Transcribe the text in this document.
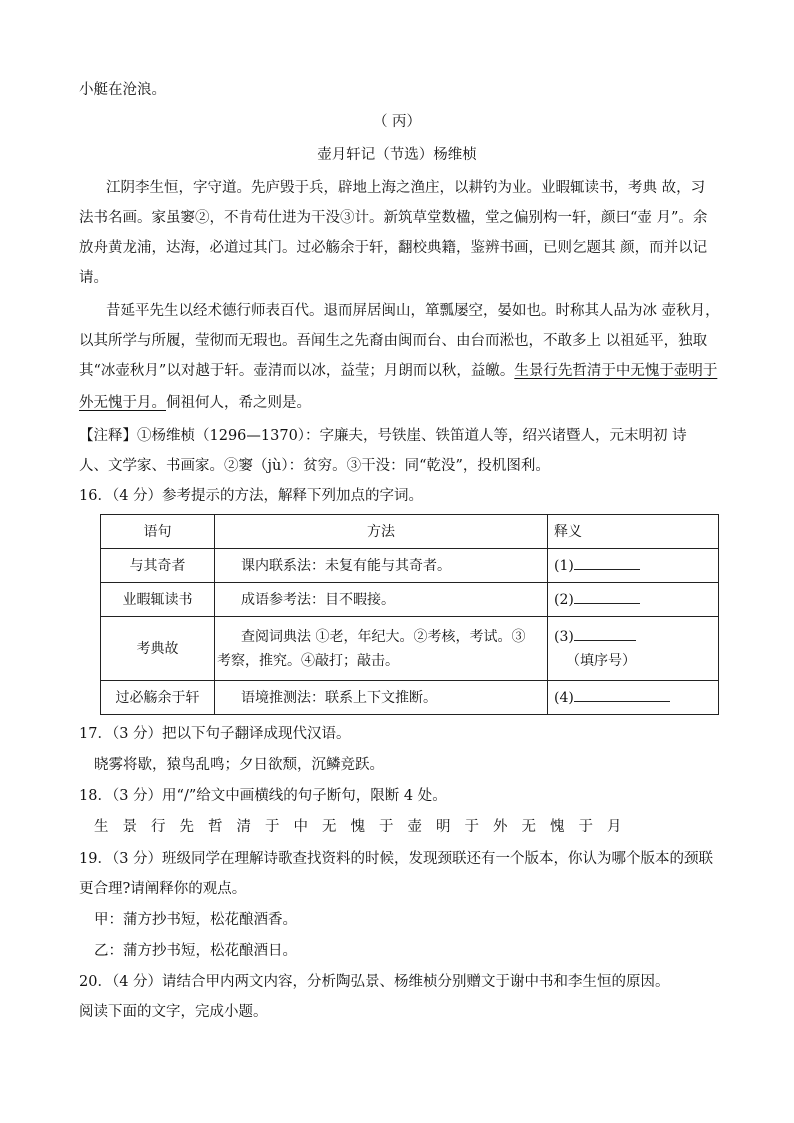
小艇在沧浪。
（ 丙）
壶月轩记（节选）杨维桢
江阴李生恒，字守道。先庐毁于兵，辟地上海之渔庄，以耕钓为业。业暇辄读书，考典 故，习
法书名画。家虽窭②，不肯苟仕进为干没③计。新筑草堂数楹，堂之偏别构一轩，颜曰“壶 月”。余
放舟黄龙浦，达海，必道过其门。过必觞余于轩，翻校典籍，鉴辨书画，已则乞题其 颜，而并以记
请。
昔延平先生以经术德行师表百代。退而屏居闽山，箪瓢屡空，晏如也。时称其人品为冰 壶秋月，
以其所学与所履，莹彻而无瑕也。吾闻生之先裔由闽而台、由台而淞也，不敢多上 以祖延平，独取
其“冰壶秋月”以对越于轩。壶清而以冰，益莹；月朗而以秋，益皦。生景行先哲清于中无愧于壶明于
外无愧于月。侗祖何人，希之则是。
【注释】①杨维桢（1296—1370）：字廉夫，号铁崖、铁笛道人等，绍兴诸暨人，元末明初 诗
人、文学家、书画家。②窭（jù）：贫穷。③干没：同“乾没”，投机图利。
16．（4 分）参考提示的方法，解释下列加点的字词。
语句	方法	释义
与其奇者	课内联系法：未复有能与其奇者。	(1)
业暇辄读书	成语参考法：目不暇接。	(2)
考典故	查阅词典法 ①老，年纪大。②考核，考试。③
考察，推究。④敲打；敲击。	(3)（填序号）
过必觞余于轩	语境推测法：联系上下文推断。	(4)
17．（3 分）把以下句子翻译成现代汉语。
晓雾将歇，猿鸟乱鸣；夕日欲颓，沉鳞竞跃。
18．（3 分）用“/”给文中画横线的句子断句，限断 4 处。
生景行先哲清于中无愧于壶明于外无愧于月
19．（3 分）班级同学在理解诗歌查找资料的时候，发现颈联还有一个版本，你认为哪个版本的颈联
更合理?请阐释你的观点。
甲：蒲方抄书短，松花酿酒香。
乙：蒲方抄书短，松花酿酒日。
20．（4 分）请结合甲内两文内容，分析陶弘景、杨维桢分别赠文于谢中书和李生恒的原因。
阅读下面的文字，完成小题。
